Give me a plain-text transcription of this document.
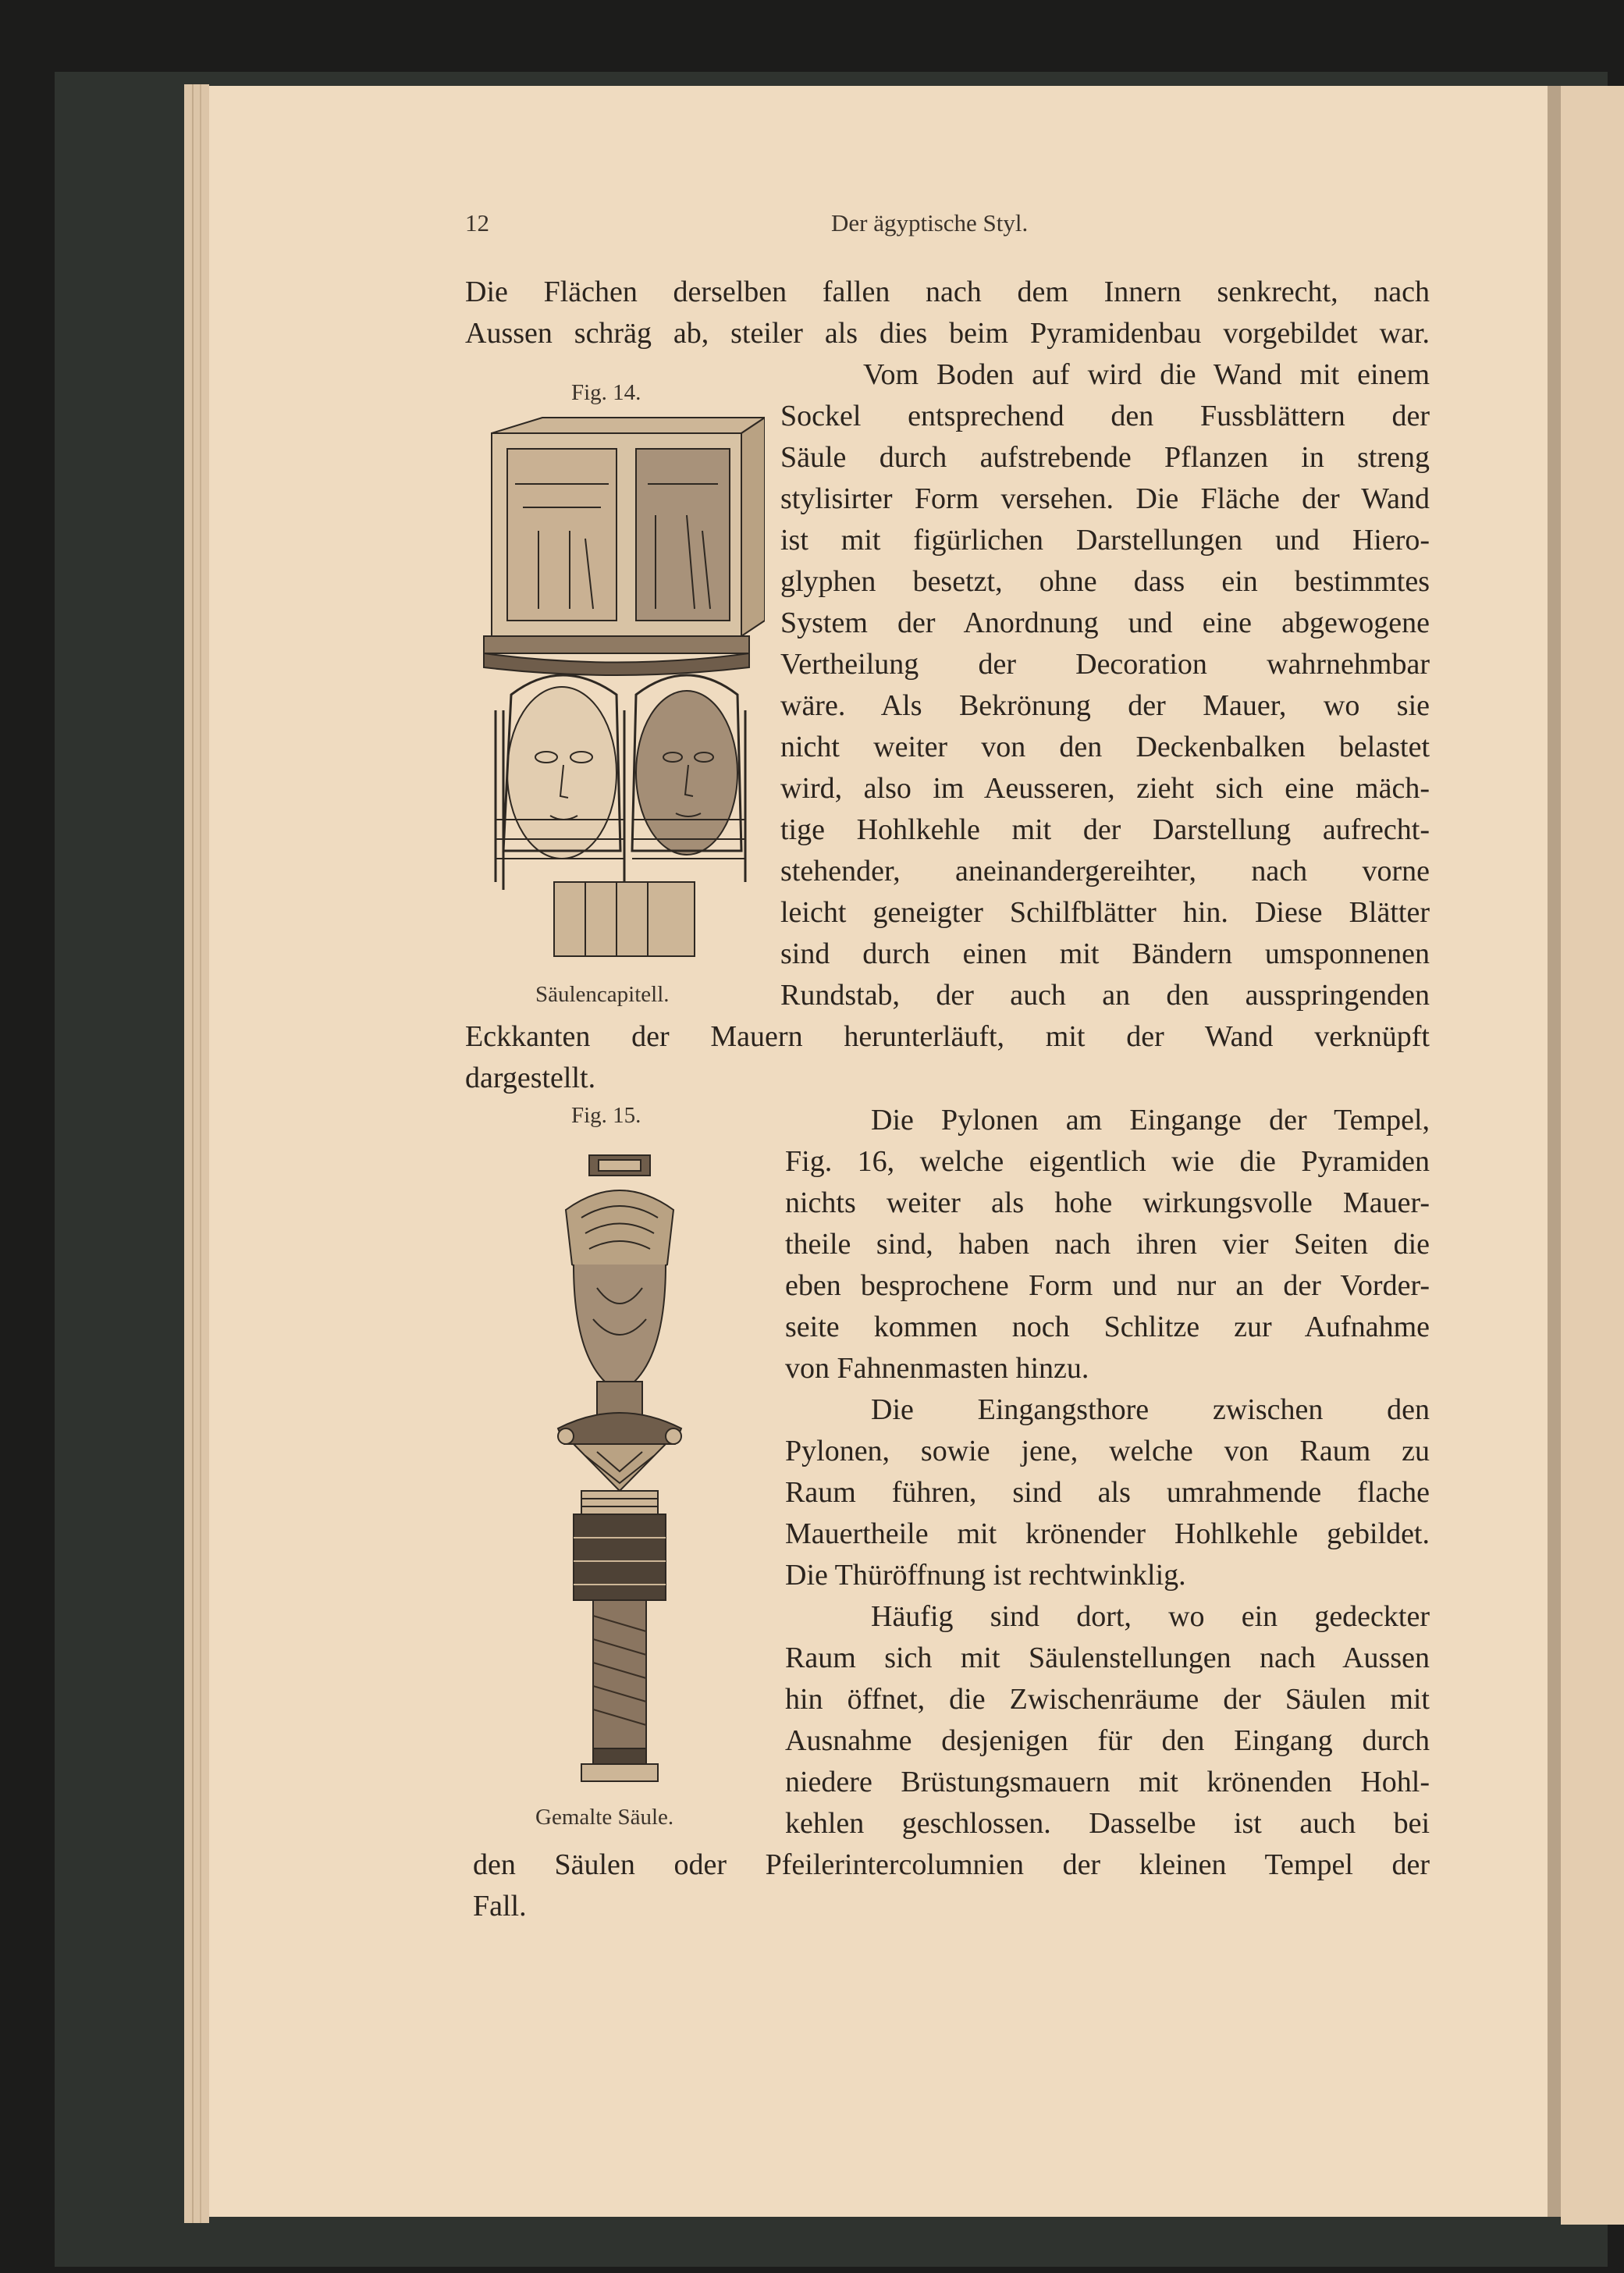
12	Der ägyptische Styl.
Die Flächen derselben fallen nach dem Innern senkrecht, nach
Aussen schräg ab, steiler als dies beim Pyramidenbau vorgebildet war.
Fig. 14.
Säulencapitell.
Vom Boden auf wird die Wand mit einem
Sockel entsprechend den Fussblättern der
Säule durch aufstrebende Pflanzen in streng
stylisirter Form versehen. Die Fläche der Wand
ist mit figürlichen Darstellungen und Hiero-
glyphen besetzt, ohne dass ein bestimmtes
System der Anordnung und eine abgewogene
Vertheilung der Decoration wahrnehmbar
wäre. Als Bekrönung der Mauer, wo sie
nicht weiter von den Deckenbalken belastet
wird, also im Aeusseren, zieht sich eine mäch-
tige Hohlkehle mit der Darstellung aufrecht-
stehender, aneinandergereihter, nach vorne
leicht geneigter Schilfblätter hin. Diese Blätter
sind durch einen mit Bändern umsponnenen
Rundstab, der auch an den ausspringenden
Eckkanten der Mauern herunterläuft, mit der Wand verknüpft
dargestellt.
Fig. 15.
Gemalte Säule.
Die Pylonen am Eingange der Tempel,
Fig. 16, welche eigentlich wie die Pyramiden
nichts weiter als hohe wirkungsvolle Mauer-
theile sind, haben nach ihren vier Seiten die
eben besprochene Form und nur an der Vorder-
seite kommen noch Schlitze zur Aufnahme
von Fahnenmasten hinzu.
Die Eingangsthore zwischen den
Pylonen, sowie jene, welche von Raum zu
Raum führen, sind als umrahmende flache
Mauertheile mit krönender Hohlkehle gebildet.
Die Thüröffnung ist rechtwinklig.
Häufig sind dort, wo ein gedeckter
Raum sich mit Säulenstellungen nach Aussen
hin öffnet, die Zwischenräume der Säulen mit
Ausnahme desjenigen für den Eingang durch
niedere Brüstungsmauern mit krönenden Hohl-
kehlen geschlossen. Dasselbe ist auch bei
den Säulen oder Pfeilerintercolumnien der kleinen Tempel der
Fall.
